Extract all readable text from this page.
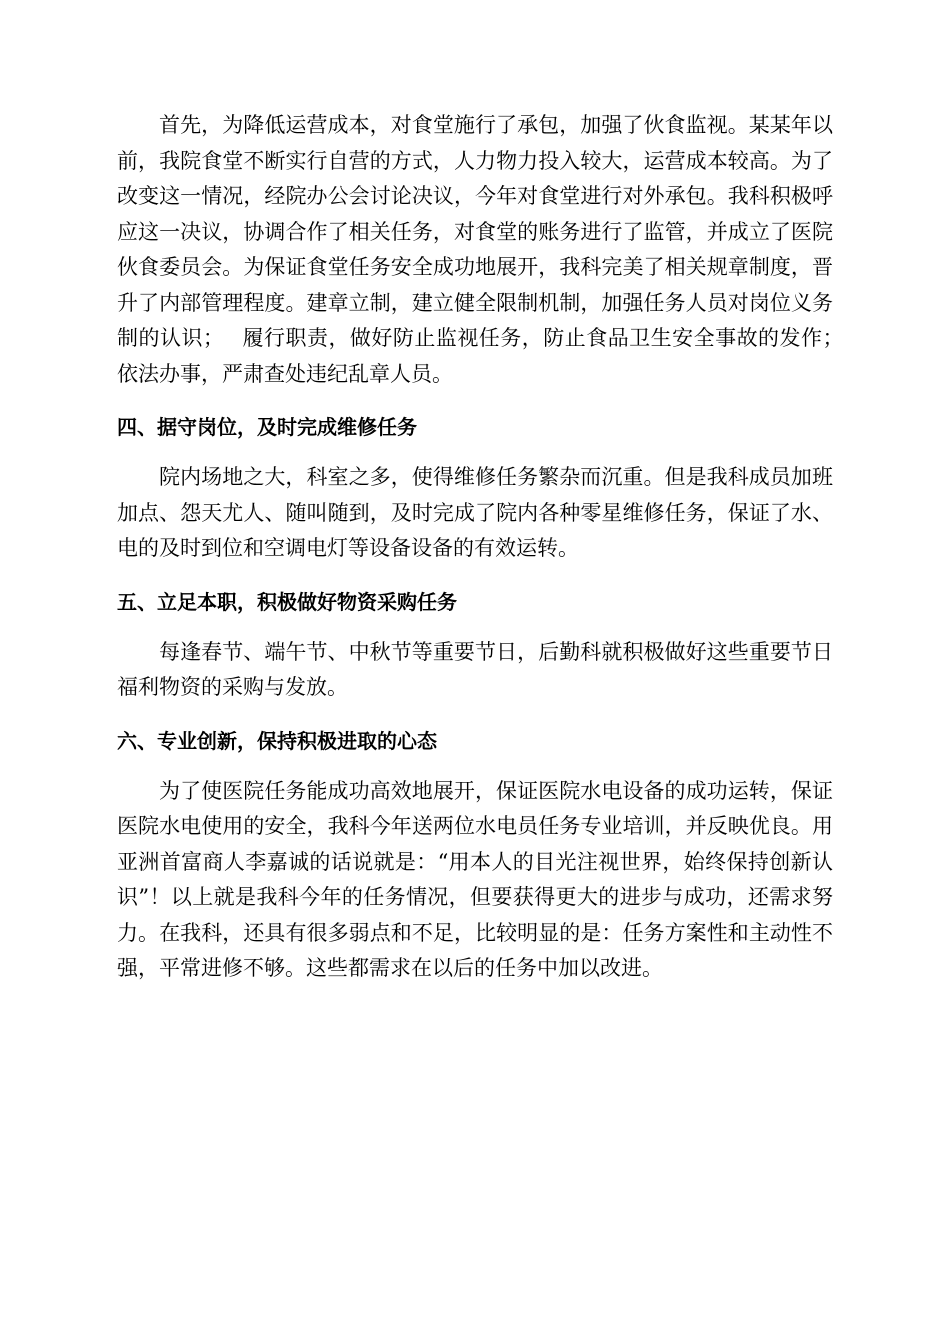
首先，为降低运营成本，对食堂施行了承包，加强了伙食监视。某某年以前，我院食堂不断实行自营的方式，人力物力投入较大，运营成本较高。为了改变这一情况，经院办公会讨论决议，今年对食堂进行对外承包。我科积极呼应这一决议，协调合作了相关任务，对食堂的账务进行了监管，并成立了医院伙食委员会。为保证食堂任务安全成功地展开，我科完美了相关规章制度，晋升了内部管理程度。建章立制，建立健全限制机制，加强任务人员对岗位义务制的认识；　 履行职责，做好防止监视任务，防止食品卫生安全事故的发作；　 依法办事，严肃查处违纪乱章人员。

四、据守岗位，及时完成维修任务

院内场地之大，科室之多，使得维修任务繁杂而沉重。但是我科成员加班加点、怨天尤人、随叫随到，及时完成了院内各种零星维修任务，保证了水、电的及时到位和空调电灯等设备设备的有效运转。

五、立足本职，积极做好物资采购任务

每逢春节、端午节、中秋节等重要节日，后勤科就积极做好这些重要节日福利物资的采购与发放。

六、专业创新，保持积极进取的心态

为了使医院任务能成功高效地展开，保证医院水电设备的成功运转，保证医院水电使用的安全，我科今年送两位水电员任务专业培训，并反映优良。用亚洲首富商人李嘉诚的话说就是：“用本人的目光注视世界，始终保持创新认识”！以上就是我科今年的任务情况，但要获得更大的进步与成功，还需求努力。在我科，还具有很多弱点和不足，比较明显的是：任务方案性和主动性不强，平常进修不够。这些都需求在以后的任务中加以改进。
